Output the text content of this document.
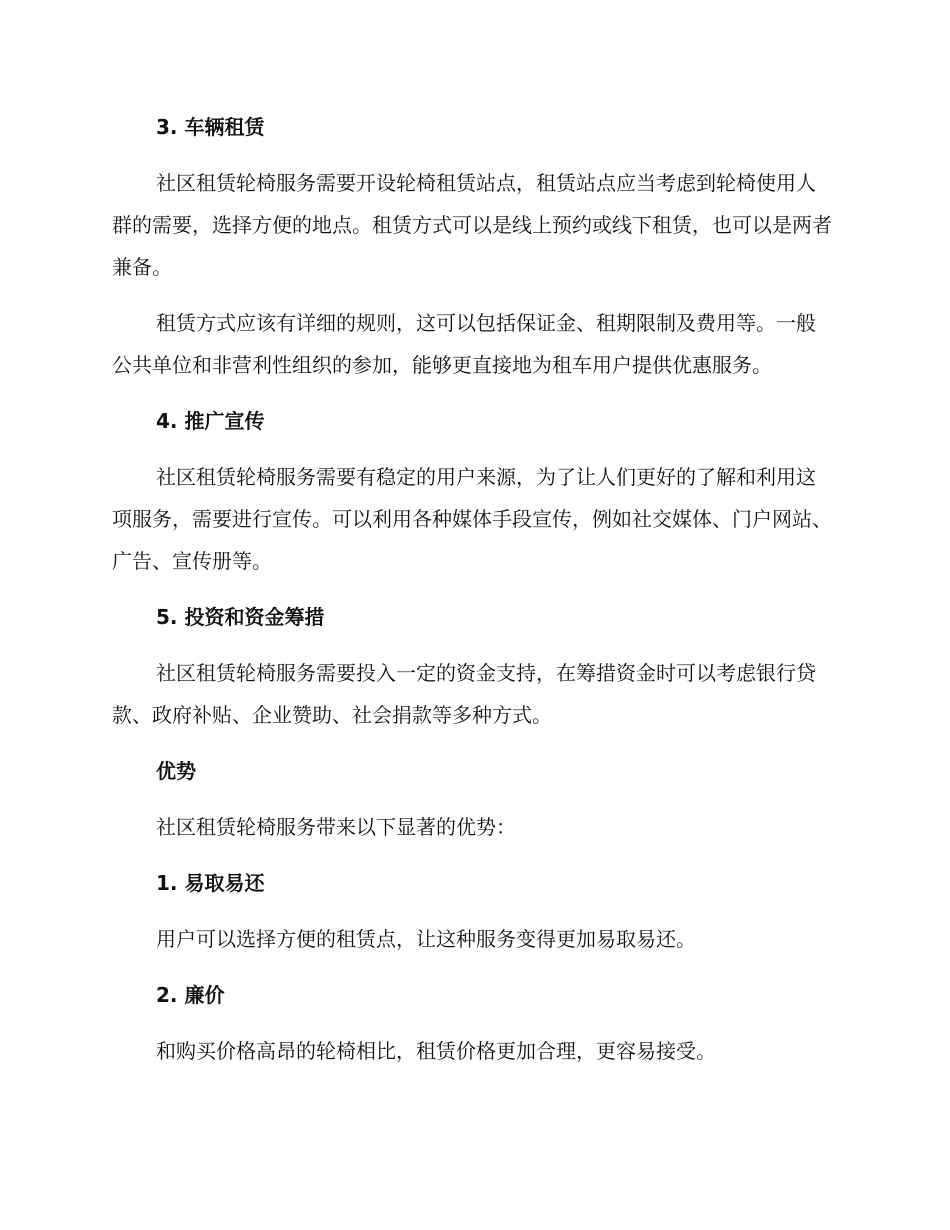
3. 车辆租赁

社区租赁轮椅服务需要开设轮椅租赁站点，租赁站点应当考虑到轮椅使用人群的需要，选择方便的地点。租赁方式可以是线上预约或线下租赁，也可以是两者兼备。

租赁方式应该有详细的规则，这可以包括保证金、租期限制及费用等。一般公共单位和非营利性组织的参加，能够更直接地为租车用户提供优惠服务。

4. 推广宣传

社区租赁轮椅服务需要有稳定的用户来源，为了让人们更好的了解和利用这项服务，需要进行宣传。可以利用各种媒体手段宣传，例如社交媒体、门户网站、广告、宣传册等。

5. 投资和资金筹措

社区租赁轮椅服务需要投入一定的资金支持，在筹措资金时可以考虑银行贷款、政府补贴、企业赞助、社会捐款等多种方式。

优势

社区租赁轮椅服务带来以下显著的优势：

1. 易取易还

用户可以选择方便的租赁点，让这种服务变得更加易取易还。

2. 廉价

和购买价格高昂的轮椅相比，租赁价格更加合理，更容易接受。
